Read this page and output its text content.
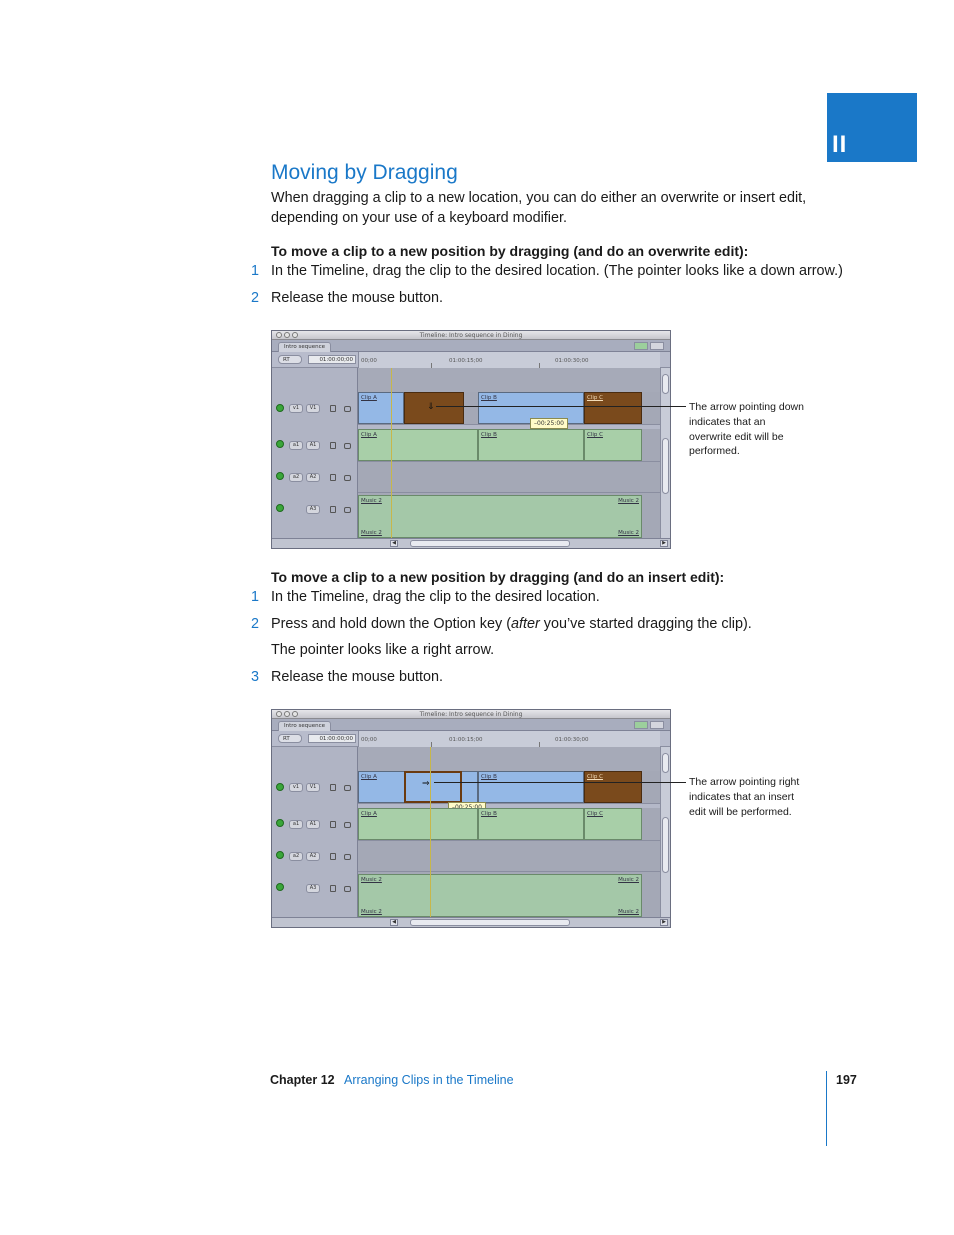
II
Moving by Dragging
When dragging a clip to a new location, you can do either an overwrite or insert edit,
depending on your use of a keyboard modifier.
To move a clip to a new position by dragging (and do an overwrite edit):
1 In the Timeline, drag the clip to the desired location. (The pointer looks like a down arrow.)
2 Release the mouse button.
Timeline: Intro sequence in Dining
Intro sequence
RT	01:00:00;00	00;00	01:00:15;00	01:00:30;00
v1	V1
a1	A1
a2	A2
A3
Clip A	Clip B	Clip C
⇓
–00:25:00
Clip A	Clip B	Clip C
Music 2	Music 2
Music 2	Music 2
◀	▶
The arrow pointing down
indicates that an
overwrite edit will be
performed.
To move a clip to a new position by dragging (and do an insert edit):
1 In the Timeline, drag the clip to the desired location.
2 Press and hold down the Option key (after you’ve started dragging the clip).
The pointer looks like a right arrow.
3 Release the mouse button.
Timeline: Intro sequence in Dining
Intro sequence
RT	01:00:00;00	00;00	01:00:15;00	01:00:30;00
v1	V1
a1	A1
a2	A2
A3
Clip A	Clip B	Clip C
⇒
Clip A	Clip B	Clip C
Music 2	Music 2
Music 2	Music 2
◀	▶
The arrow pointing right
indicates that an insert
edit will be performed.
Chapter 12 Arranging Clips in the Timeline	197
